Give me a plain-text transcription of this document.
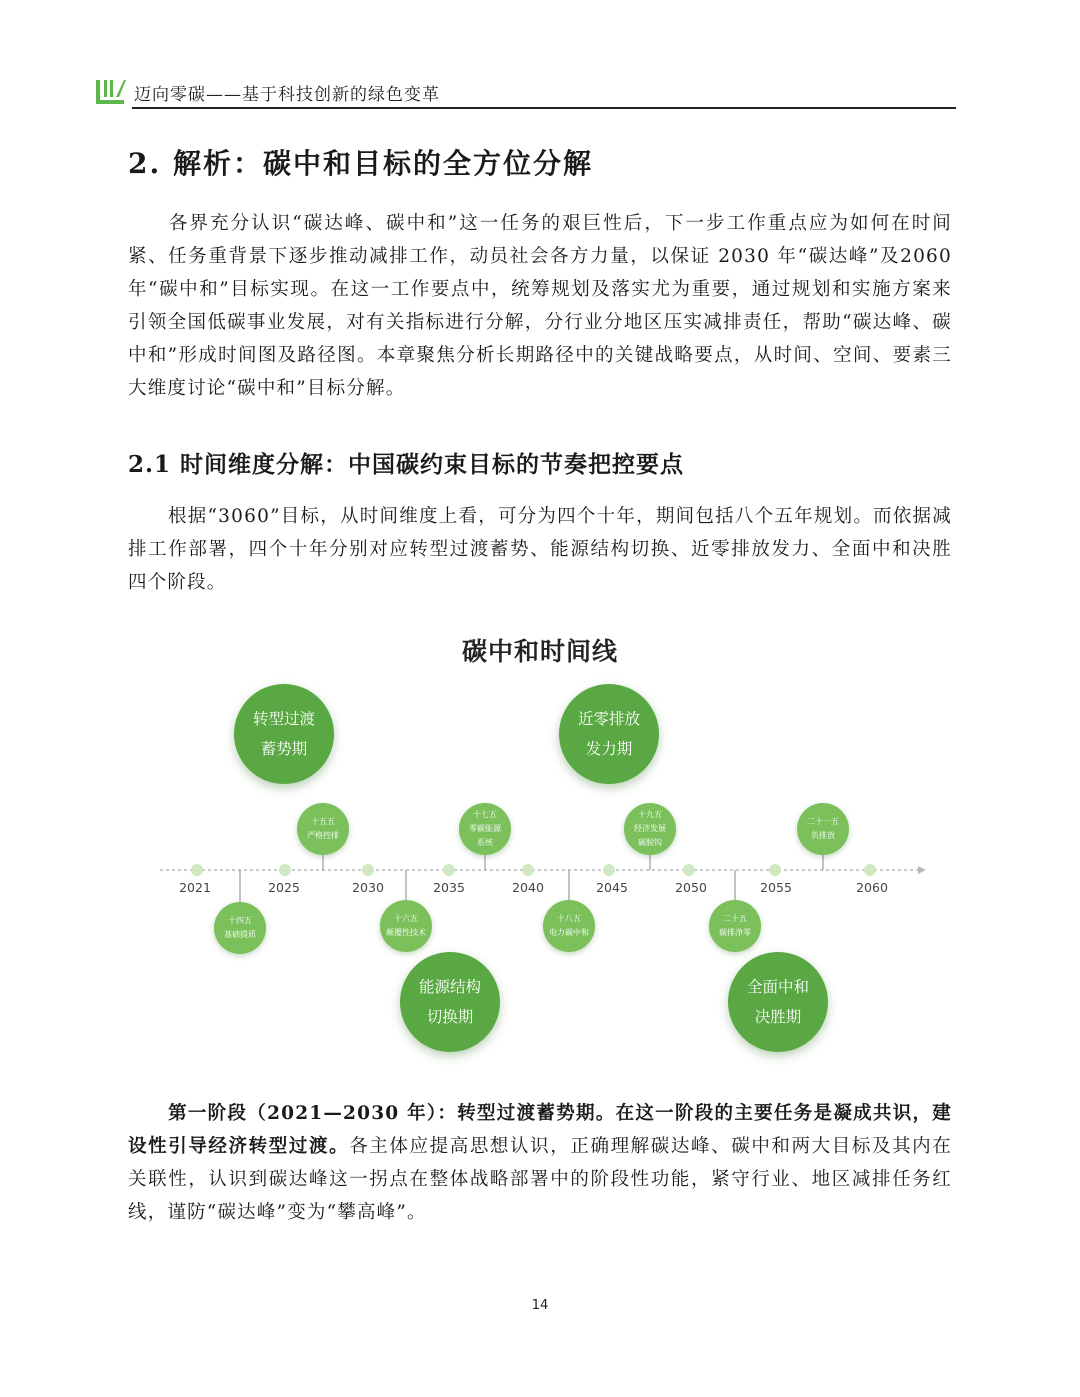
迈向零碳——基于科技创新的绿色变革
2. 解析：碳中和目标的全方位分解

各界充分认识“碳达峰、碳中和”这一任务的艰巨性后，下一步工作重点应为如何在时间紧、任务重背景下逐步推动减排工作，动员社会各方力量，以保证 2030 年“碳达峰”及2060年“碳中和”目标实现。在这一工作要点中，统筹规划及落实尤为重要，通过规划和实施方案来引领全国低碳事业发展，对有关指标进行分解，分行业分地区压实减排责任，帮助“碳达峰、碳中和”形成时间图及路径图。本章聚焦分析长期路径中的关键战略要点，从时间、空间、要素三大维度讨论“碳中和”目标分解。

2.1 时间维度分解：中国碳约束目标的节奏把控要点

根据“3060”目标，从时间维度上看，可分为四个十年，期间包括八个五年规划。而依据减排工作部署，四个十年分别对应转型过渡蓄势、能源结构切换、近零排放发力、全面中和决胜四个阶段。

碳中和时间线
2021	2025	2030	2035	2040	2045	2050	2055	2060
转型过渡
蓄势期
能源结构
切换期
近零排放
发力期
全面中和
决胜期
十四五
基础提质
十五五
严格控排
十六五
颠覆性技术
十七五
零碳能源
系统
十八五
电力碳中和
十九五
经济发展
碳脱钩
二十五
碳排净零
二十一五
负排放

第一阶段（2021—2030 年）：转型过渡蓄势期。在这一阶段的主要任务是凝成共识，建设性引导经济转型过渡。各主体应提高思想认识，正确理解碳达峰、碳中和两大目标及其内在关联性，认识到碳达峰这一拐点在整体战略部署中的阶段性功能，紧守行业、地区减排任务红线，谨防“碳达峰”变为“攀高峰”。

14
